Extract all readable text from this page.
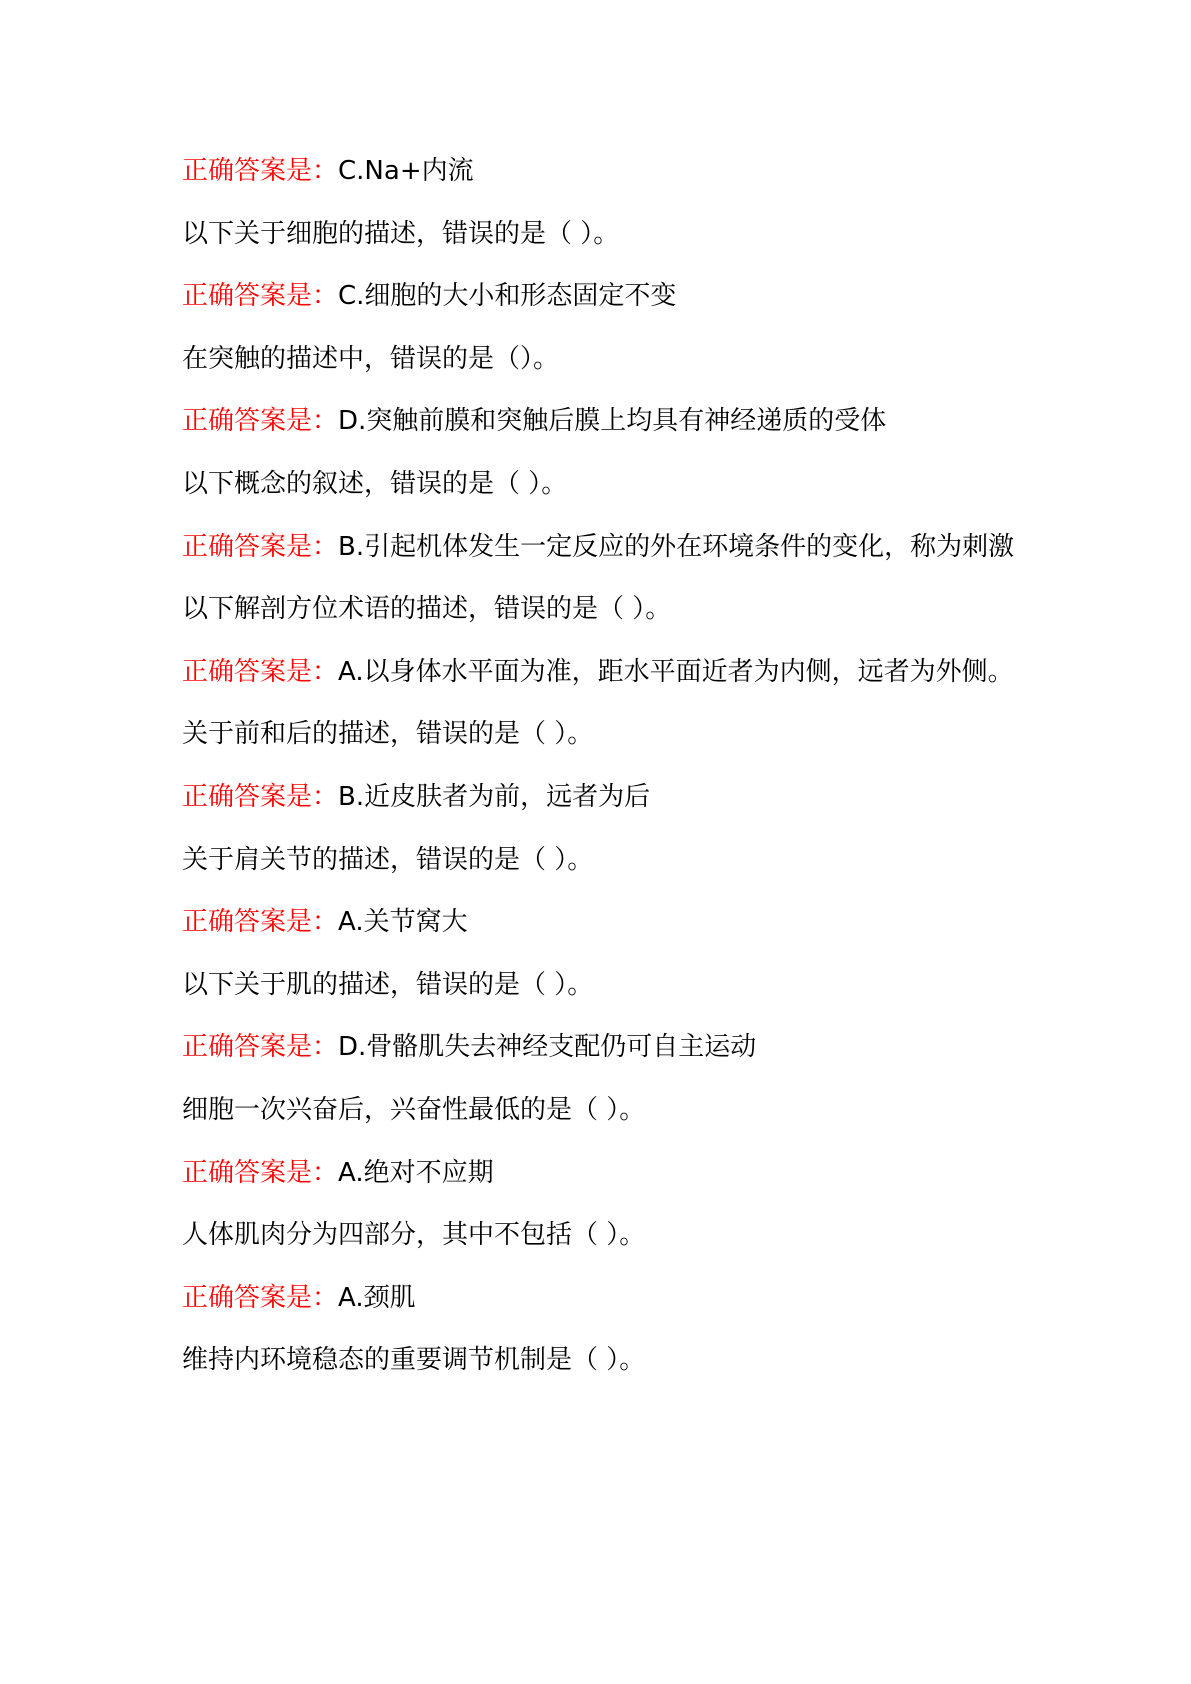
正确答案是：C.Na+内流
以下关于细胞的描述，错误的是（ ）。
正确答案是：C.细胞的大小和形态固定不变
在突触的描述中，错误的是（）。
正确答案是：D.突触前膜和突触后膜上均具有神经递质的受体
以下概念的叙述，错误的是（ ）。
正确答案是：B.引起机体发生一定反应的外在环境条件的变化，称为刺激
以下解剖方位术语的描述，错误的是（ ）。
正确答案是：A.以身体水平面为准，距水平面近者为内侧，远者为外侧。
关于前和后的描述，错误的是（ ）。
正确答案是：B.近皮肤者为前，远者为后
关于肩关节的描述，错误的是（ ）。
正确答案是：A.关节窝大
以下关于肌的描述，错误的是（ ）。
正确答案是：D.骨骼肌失去神经支配仍可自主运动
细胞一次兴奋后，兴奋性最低的是（ ）。
正确答案是：A.绝对不应期
人体肌肉分为四部分，其中不包括（ ）。
正确答案是：A.颈肌
维持内环境稳态的重要调节机制是（ ）。
